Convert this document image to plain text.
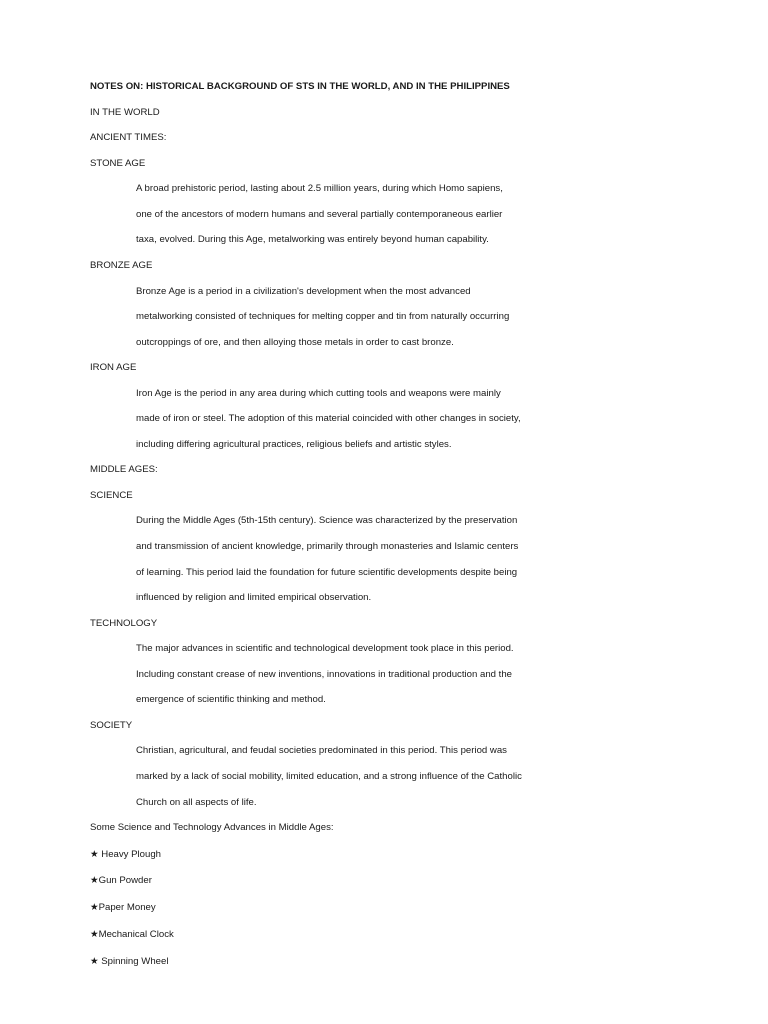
NOTES ON: HISTORICAL BACKGROUND OF STS IN THE WORLD, AND IN THE PHILIPPINES
IN THE WORLD
ANCIENT TIMES:
STONE AGE
A broad prehistoric period, lasting about 2.5 million years, during which Homo sapiens,
one of the ancestors of modern humans and several partially contemporaneous earlier
taxa, evolved. During this Age, metalworking was entirely beyond human capability.
BRONZE AGE
Bronze Age is a period in a civilization's development when the most advanced
metalworking consisted of techniques for melting copper and tin from naturally occurring
outcroppings of ore, and then alloying those metals in order to cast bronze.
IRON AGE
Iron Age is the period in any area during which cutting tools and weapons were mainly
made of iron or steel. The adoption of this material coincided with other changes in society,
including differing agricultural practices, religious beliefs and artistic styles.
MIDDLE AGES:
SCIENCE
During the Middle Ages (5th-15th century). Science was characterized by the preservation
and transmission of ancient knowledge, primarily through monasteries and Islamic centers
of learning. This period laid the foundation for future scientific developments despite being
influenced by religion and limited empirical observation.
TECHNOLOGY
The major advances in scientific and technological development took place in this period.
Including constant crease of new inventions, innovations in traditional production and the
emergence of scientific thinking and method.
SOCIETY
Christian, agricultural, and feudal societies predominated in this period. This period was
marked by a lack of social mobility, limited education, and a strong influence of the Catholic
Church on all aspects of life.
Some Science and Technology Advances in Middle Ages:
★ Heavy Plough
★Gun Powder
★Paper Money
★Mechanical Clock
★ Spinning Wheel
